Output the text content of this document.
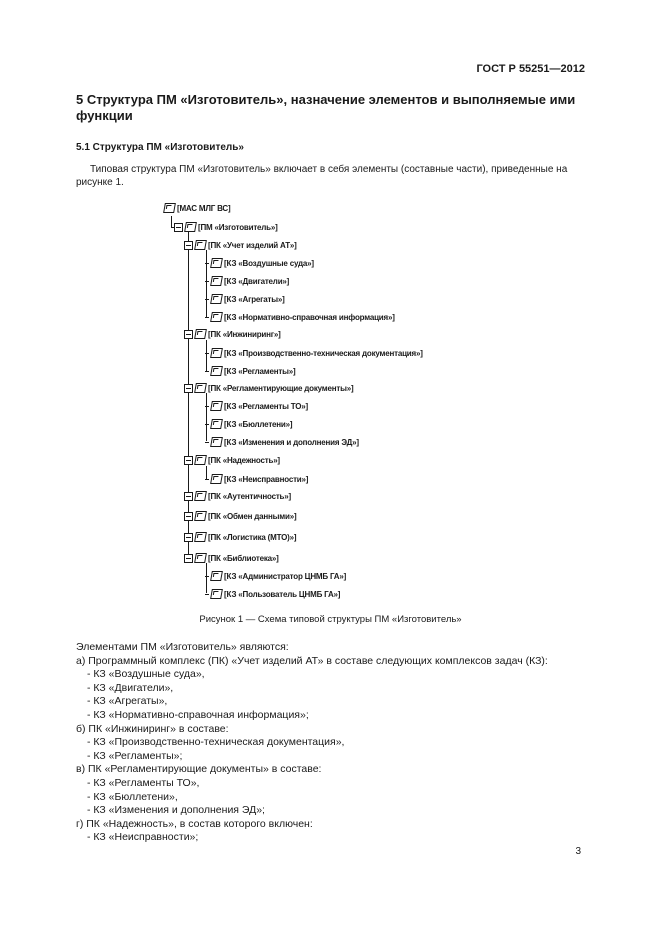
ГОСТ Р 55251—2012
5 Структура ПМ «Изготовитель», назначение элементов и выполняемые ими функции
5.1 Структура ПМ «Изготовитель»

Типовая структура ПМ «Изготовитель» включает в себя элементы (составные части), приведенные на рисунке 1.

[МАС МЛГ ВС]
[ПМ «Изготовитель»]
[ПК «Учет изделий АТ»]
[КЗ «Воздушные суда»]
[КЗ «Двигатели»]
[КЗ «Агрегаты»]
[КЗ «Нормативно-справочная информация»]
[ПК «Инжиниринг»]
[КЗ «Производственно-техническая документация»]
[КЗ «Регламенты»]
[ПК «Регламентирующие документы»]
[КЗ «Регламенты ТО»]
[КЗ «Бюллетени»]
[КЗ «Изменения и дополнения ЭД»]
[ПК «Надежность»]
[КЗ «Неисправности»]
[ПК «Аутентичность»]
[ПК «Обмен данными»]
[ПК «Логистика (МТО)»]
[ПК «Библиотека»]
[КЗ «Администратор ЦНМБ ГА»]
[КЗ «Пользователь ЦНМБ ГА»]

Рисунок 1 — Схема типовой структуры ПМ «Изготовитель»

Элементами ПМ «Изготовитель» являются:
а) Программный комплекс (ПК) «Учет изделий АТ» в составе следующих комплексов задач (КЗ):
- КЗ «Воздушные суда»,
- КЗ «Двигатели»,
- КЗ «Агрегаты»,
- КЗ «Нормативно-справочная информация»;
б) ПК «Инжиниринг» в составе:
- КЗ «Производственно-техническая документация»,
- КЗ «Регламенты»;
в) ПК «Регламентирующие документы» в составе:
- КЗ «Регламенты ТО»,
- КЗ «Бюллетени»,
- КЗ «Изменения и дополнения ЭД»;
г) ПК «Надежность», в состав которого включен:
- КЗ «Неисправности»;
3
